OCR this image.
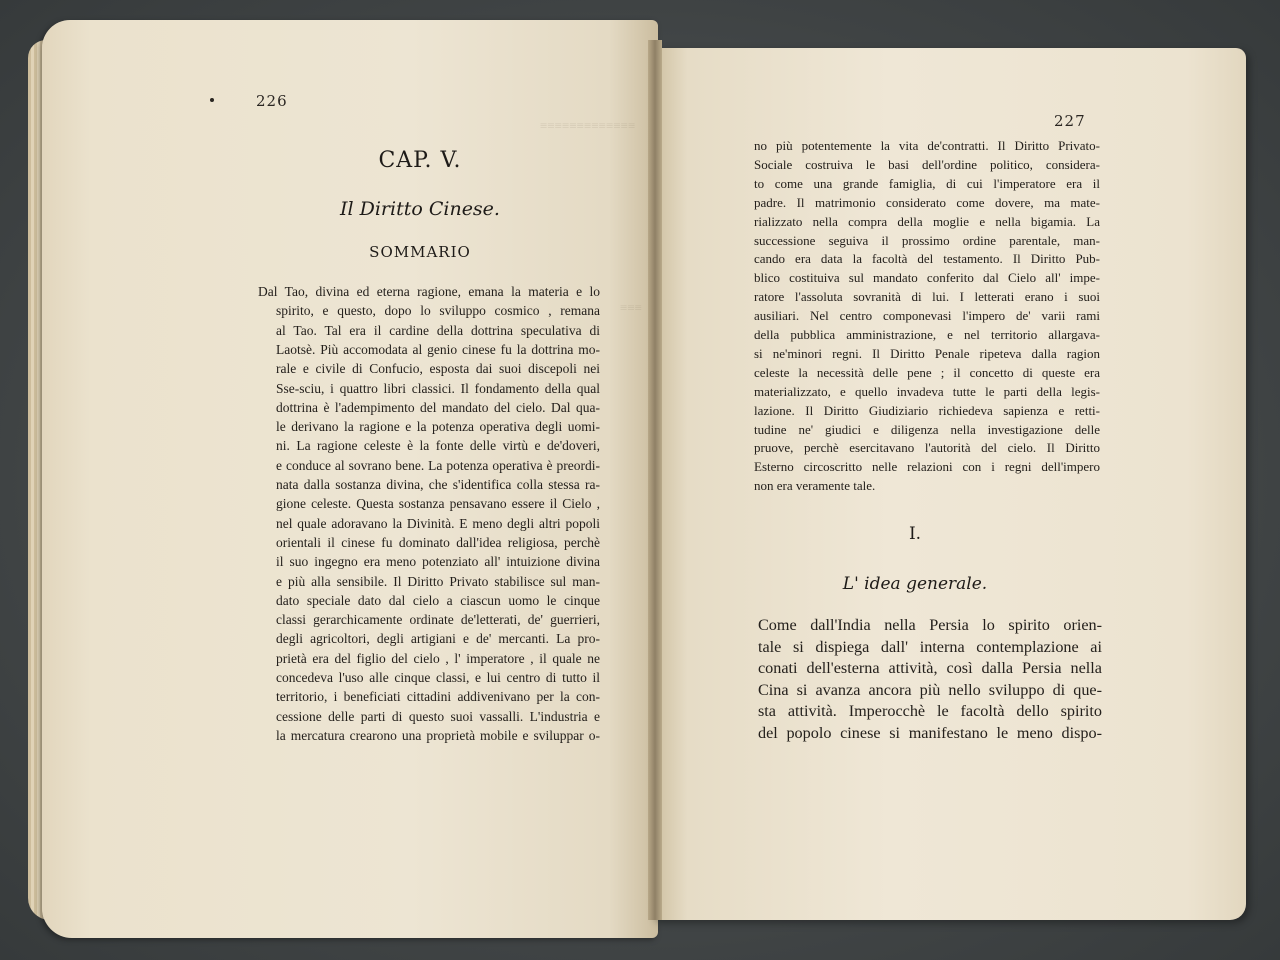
≡≡≡≡≡≡≡≡≡≡≡≡≡
≡≡≡
226
CAP. V.
Il Diritto Cinese.
SOMMARIO
Dal Tao, divina ed eterna ragione, emana la materia e lo
spirito, e questo, dopo lo sviluppo cosmico , remana
al Tao. Tal era il cardine della dottrina speculativa di
Laotsè. Più accomodata al genio cinese fu la dottrina mo-
rale e civile di Confucio, esposta dai suoi discepoli nei
Sse-sciu, i quattro libri classici. Il fondamento della qual
dottrina è l'adempimento del mandato del cielo. Dal qua-
le derivano la ragione e la potenza operativa degli uomi-
ni. La ragione celeste è la fonte delle virtù e de'doveri,
e conduce al sovrano bene. La potenza operativa è preordi-
nata dalla sostanza divina, che s'identifica colla stessa ra-
gione celeste. Questa sostanza pensavano essere il Cielo ,
nel quale adoravano la Divinità. E meno degli altri popoli
orientali il cinese fu dominato dall'idea religiosa, perchè
il suo ingegno era meno potenziato all' intuizione divina
e più alla sensibile. Il Diritto Privato stabilisce sul man-
dato speciale dato dal cielo a ciascun uomo le cinque
classi gerarchicamente ordinate de'letterati, de' guerrieri,
degli agricoltori, degli artigiani e de' mercanti. La pro-
prietà era del figlio del cielo , l' imperatore , il quale ne
concedeva l'uso alle cinque classi, e lui centro di tutto il
territorio, i beneficiati cittadini addivenivano per la con-
cessione delle parti di questo suoi vassalli. L'industria e
la mercatura crearono una proprietà mobile e sviluppar o-
227
no più potentemente la vita de'contratti. Il Diritto Privato-
Sociale costruiva le basi dell'ordine politico, considera-
to come una grande famiglia, di cui l'imperatore era il
padre. Il matrimonio considerato come dovere, ma mate-
rializzato nella compra della moglie e nella bigamia. La
successione seguiva il prossimo ordine parentale, man-
cando era data la facoltà del testamento. Il Diritto Pub-
blico costituiva sul mandato conferito dal Cielo all' impe-
ratore l'assoluta sovranità di lui. I letterati erano i suoi
ausiliari. Nel centro componevasi l'impero de' varii rami
della pubblica amministrazione, e nel territorio allargava-
si ne'minori regni. Il Diritto Penale ripeteva dalla ragion
celeste la necessità delle pene ; il concetto di queste era
materializzato, e quello invadeva tutte le parti della legis-
lazione. Il Diritto Giudiziario richiedeva sapienza e retti-
tudine ne' giudici e diligenza nella investigazione delle
pruove, perchè esercitavano l'autorità del cielo. Il Diritto
Esterno circoscritto nelle relazioni con i regni dell'impero
non era veramente tale.
I.
L' idea generale.
Come dall'India nella Persia lo spirito orien-
tale si dispiega dall' interna contemplazione ai
conati dell'esterna attività, così dalla Persia nella
Cina si avanza ancora più nello sviluppo di que-
sta attività. Imperocchè le facoltà dello spirito
del popolo cinese si manifestano le meno dispo-
